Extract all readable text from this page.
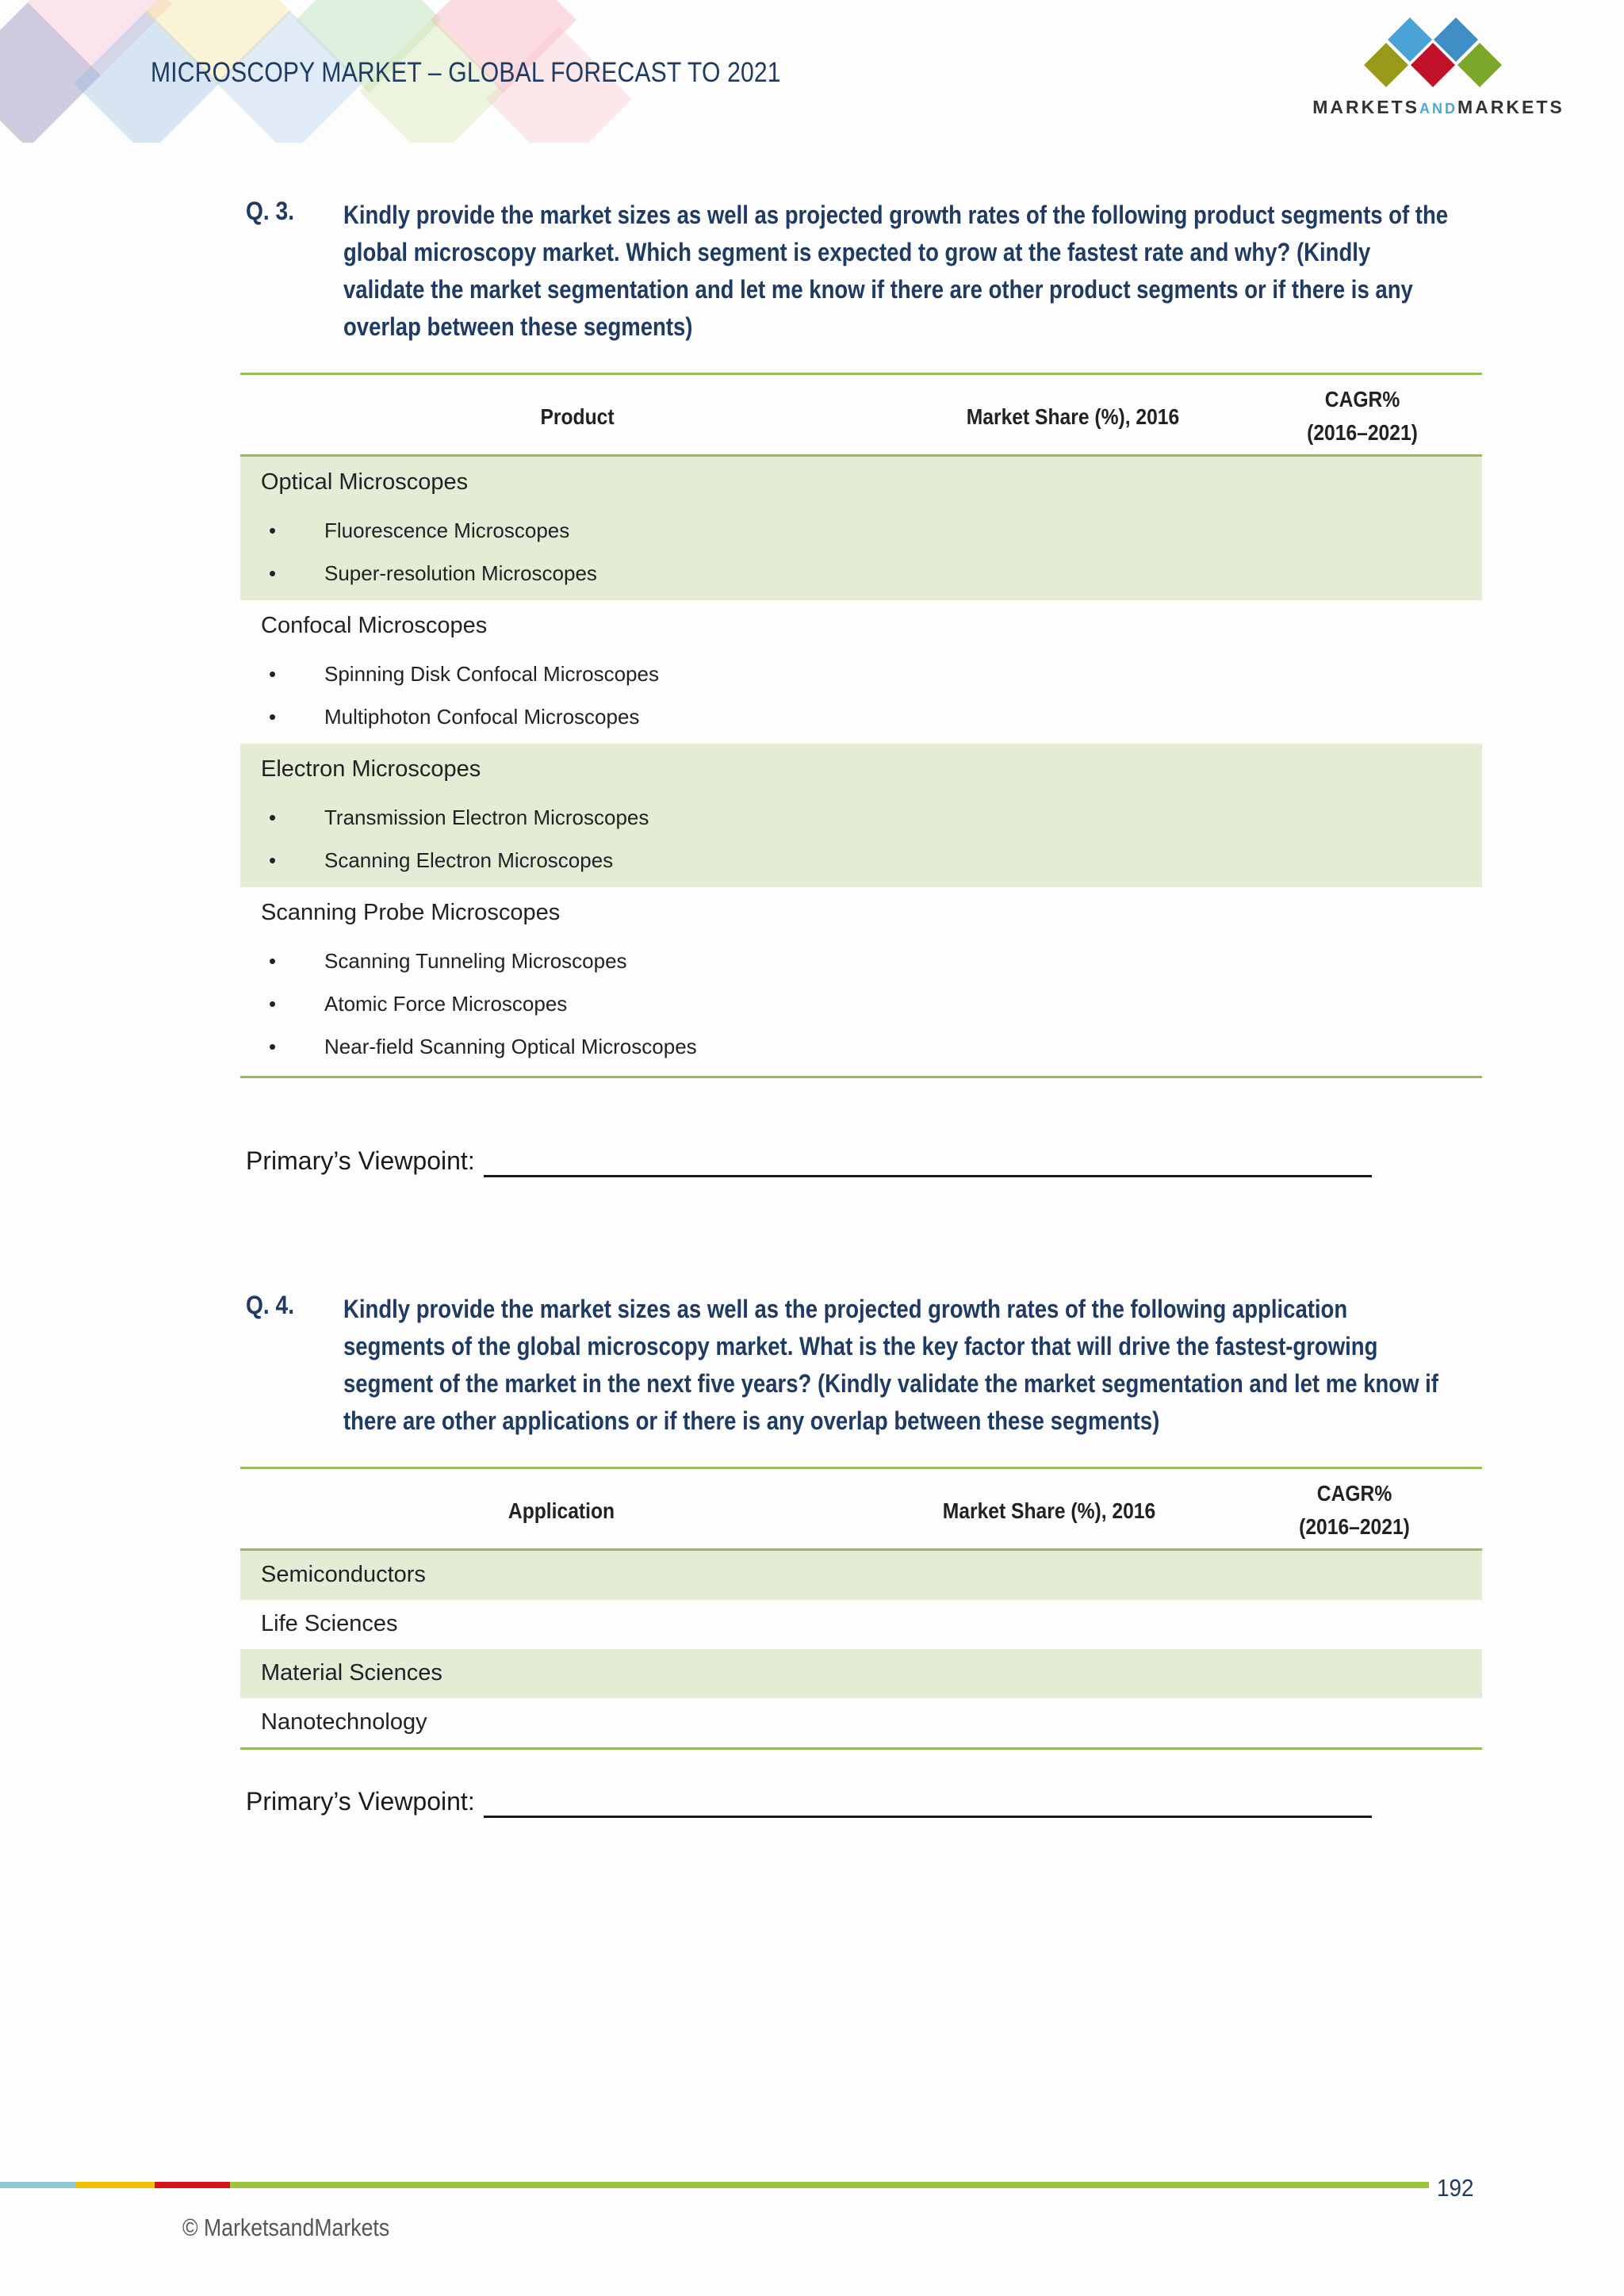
MICROSCOPY MARKET – GLOBAL FORECAST TO 2021
MARKETSANDMARKETS
Q. 3. Kindly provide the market sizes as well as projected growth rates of the following product segments of the global microscopy market. Which segment is expected to grow at the fastest rate and why? (Kindly validate the market segmentation and let me know if there are other product segments or if there is any overlap between these segments)
Product	Market Share (%), 2016
CAGR%
(2016–2021)
Optical Microscopes
• Fluorescence Microscopes
• Super-resolution Microscopes
Confocal Microscopes
• Spinning Disk Confocal Microscopes
• Multiphoton Confocal Microscopes
Electron Microscopes
• Transmission Electron Microscopes
• Scanning Electron Microscopes
Scanning Probe Microscopes
• Scanning Tunneling Microscopes
• Atomic Force Microscopes
• Near-field Scanning Optical Microscopes
Primary’s Viewpoint:
Q. 4. Kindly provide the market sizes as well as the projected growth rates of the following application segments of the global microscopy market. What is the key factor that will drive the fastest-growing segment of the market in the next five years? (Kindly validate the market segmentation and let me know if there are other applications or if there is any overlap between these segments)
Application	Market Share (%), 2016
CAGR%
(2016–2021)
Semiconductors
Life Sciences
Material Sciences
Nanotechnology
Primary’s Viewpoint:
192
© MarketsandMarkets
